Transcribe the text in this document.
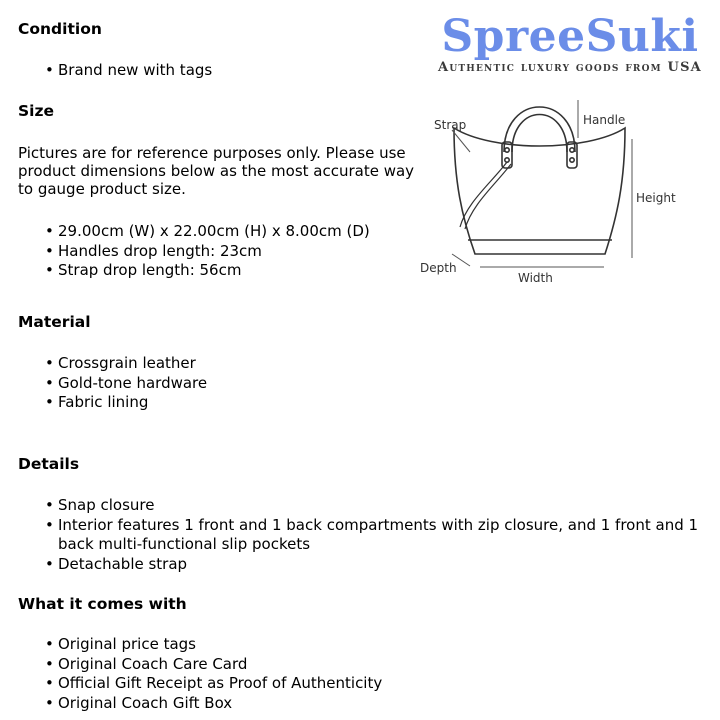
SpreeSuki
Authentic luxury goods from USA
Strap	Handle
Height
Depth
Width
Condition
• Brand new with tags
Size
Pictures are for reference purposes only. Please use product dimensions below as the most accurate way to gauge product size.
• 29.00cm (W) x 22.00cm (H) x 8.00cm (D)
• Handles drop length: 23cm
• Strap drop length: 56cm
Material
• Crossgrain leather
• Gold-tone hardware
• Fabric lining
Details
• Snap closure
• Interior features 1 front and 1 back compartments with zip closure, and 1 front and 1 back multi-functional slip pockets
• Detachable strap
What it comes with
• Original price tags
• Original Coach Care Card
• Official Gift Receipt as Proof of Authenticity
• Original Coach Gift Box
